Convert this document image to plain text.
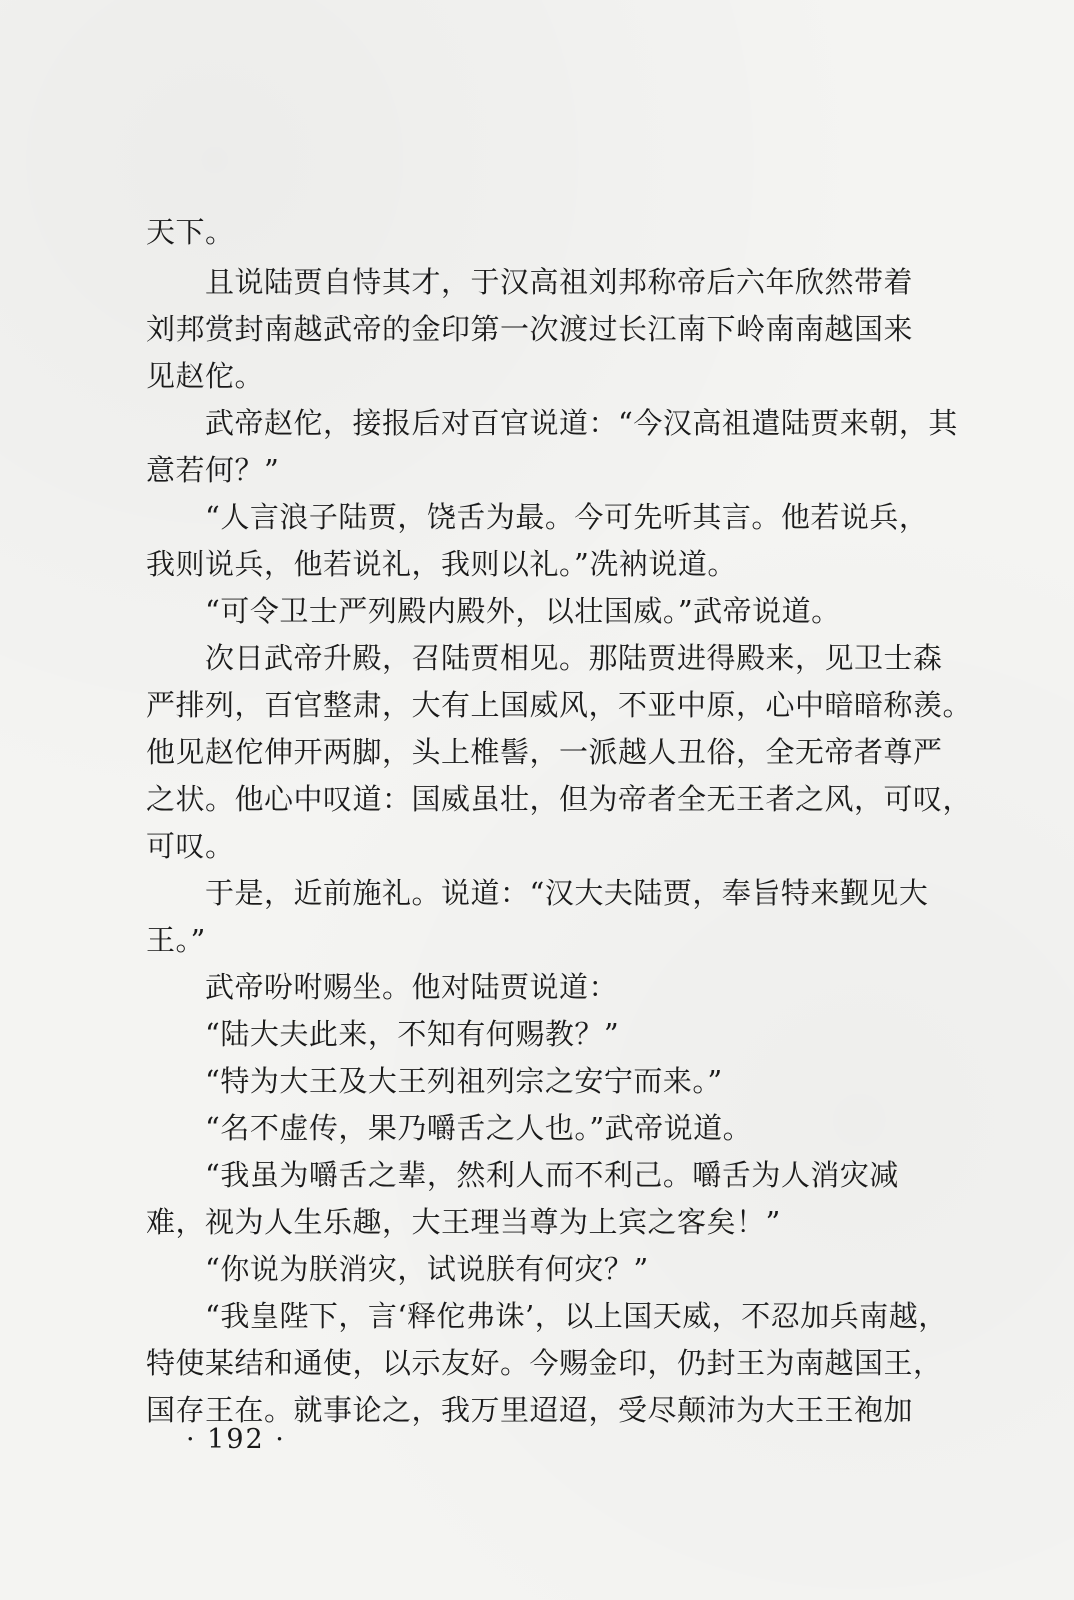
天下。
　　且说陆贾自恃其才，于汉高祖刘邦称帝后六年欣然带着
刘邦赏封南越武帝的金印第一次渡过长江南下岭南南越国来
见赵佗。
　　武帝赵佗，接报后对百官说道：“今汉高祖遣陆贾来朝，其
意若何？”
　　“人言浪子陆贾，饶舌为最。今可先听其言。他若说兵，
我则说兵，他若说礼，我则以礼。”冼衲说道。
　　“可令卫士严列殿内殿外，以壮国威。”武帝说道。
　　次日武帝升殿，召陆贾相见。那陆贾进得殿来，见卫士森
严排列，百官整肃，大有上国威风，不亚中原，心中暗暗称羡。
他见赵佗伸开两脚，头上椎髻，一派越人丑俗，全无帝者尊严
之状。他心中叹道：国威虽壮，但为帝者全无王者之风，可叹，
可叹。
　　于是，近前施礼。说道：“汉大夫陆贾，奉旨特来觐见大
王。”
　　武帝吩咐赐坐。他对陆贾说道：
　　“陆大夫此来，不知有何赐教？”
　　“特为大王及大王列祖列宗之安宁而来。”
　　“名不虚传，果乃嚼舌之人也。”武帝说道。
　　“我虽为嚼舌之辈，然利人而不利己。嚼舌为人消灾减
难，视为人生乐趣，大王理当尊为上宾之客矣！”
　　“你说为朕消灾，试说朕有何灾？”
　　“我皇陛下，言‘释佗弗诛’，以上国天威，不忍加兵南越，
特使某结和通使，以示友好。今赐金印，仍封王为南越国王，
国存王在。就事论之，我万里迢迢，受尽颠沛为大王王袍加
· 192 ·
